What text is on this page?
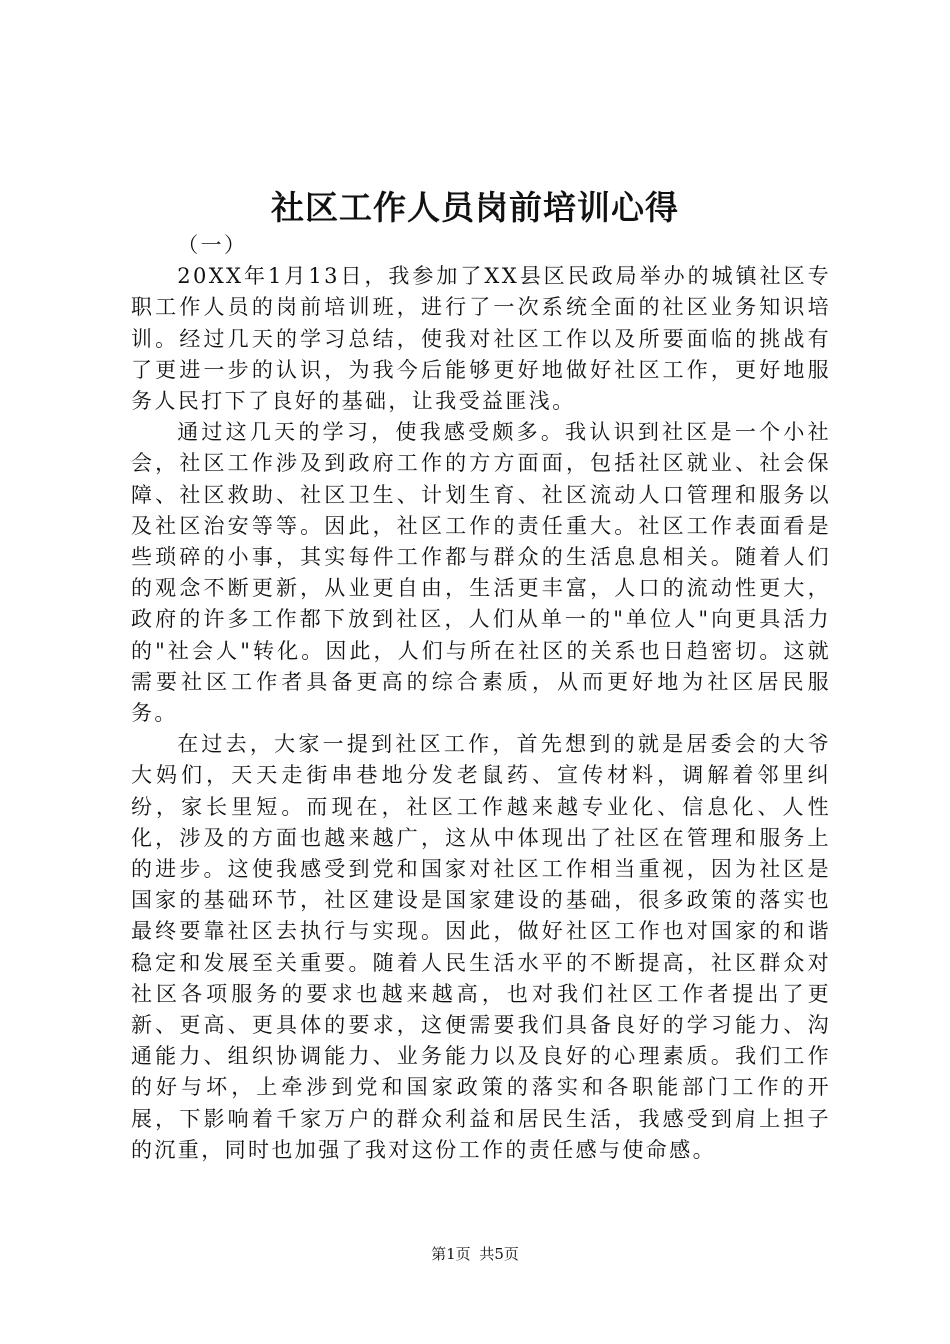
社区工作人员岗前培训心得

（一）

20XX年1月13日，我参加了XX县区民政局举办的城镇社区专职工作人员的岗前培训班，进行了一次系统全面的社区业务知识培训。经过几天的学习总结，使我对社区工作以及所要面临的挑战有了更进一步的认识，为我今后能够更好地做好社区工作，更好地服务人民打下了良好的基础，让我受益匪浅。

通过这几天的学习，使我感受颇多。我认识到社区是一个小社会，社区工作涉及到政府工作的方方面面，包括社区就业、社会保障、社区救助、社区卫生、计划生育、社区流动人口管理和服务以及社区治安等等。因此，社区工作的责任重大。社区工作表面看是些琐碎的小事，其实每件工作都与群众的生活息息相关。随着人们的观念不断更新，从业更自由，生活更丰富，人口的流动性更大，政府的许多工作都下放到社区，人们从单一的"单位人"向更具活力的"社会人"转化。因此，人们与所在社区的关系也日趋密切。这就需要社区工作者具备更高的综合素质，从而更好地为社区居民服务。

在过去，大家一提到社区工作，首先想到的就是居委会的大爷大妈们，天天走街串巷地分发老鼠药、宣传材料，调解着邻里纠纷，家长里短。而现在，社区工作越来越专业化、信息化、人性化，涉及的方面也越来越广，这从中体现出了社区在管理和服务上的进步。这使我感受到党和国家对社区工作相当重视，因为社区是国家的基础环节，社区建设是国家建设的基础，很多政策的落实也最终要靠社区去执行与实现。因此，做好社区工作也对国家的和谐稳定和发展至关重要。随着人民生活水平的不断提高，社区群众对社区各项服务的要求也越来越高，也对我们社区工作者提出了更新、更高、更具体的要求，这便需要我们具备良好的学习能力、沟通能力、组织协调能力、业务能力以及良好的心理素质。我们工作的好与坏，上牵涉到党和国家政策的落实和各职能部门工作的开展，下影响着千家万户的群众利益和居民生活，我感受到肩上担子的沉重，同时也加强了我对这份工作的责任感与使命感。

第1页 共5页
